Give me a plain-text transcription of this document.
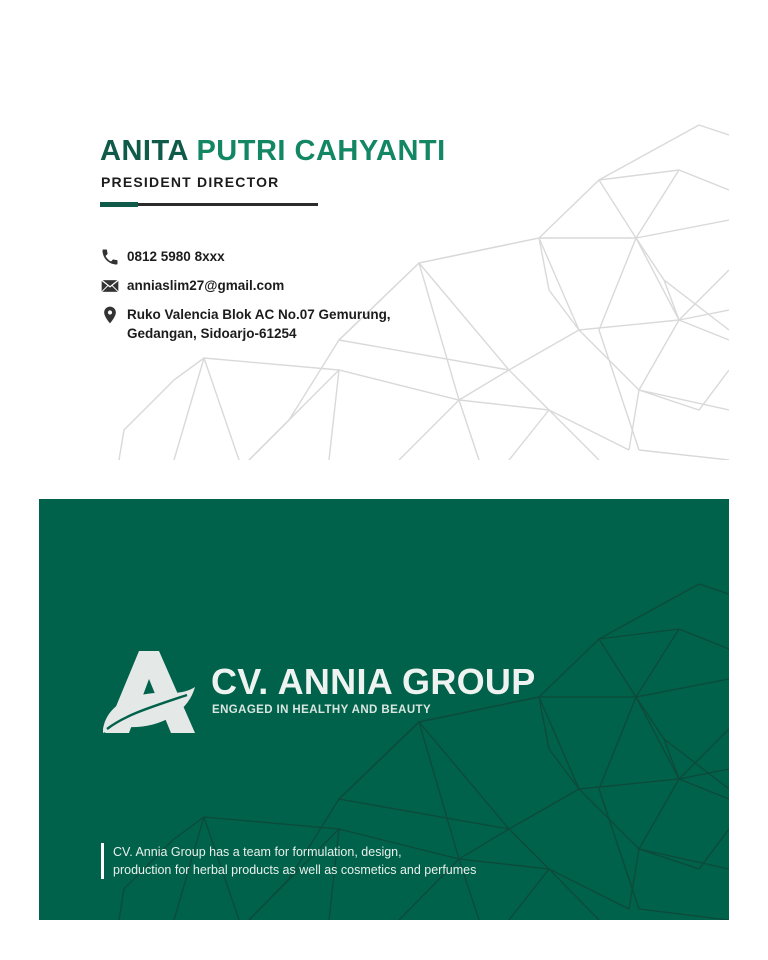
ANITA PUTRI CAHYANTI
PRESIDENT DIRECTOR
0812 5980 8xxx
anniaslim27@gmail.com
Ruko Valencia Blok AC No.07 Gemurung,
Gedangan, Sidoarjo-61254
CV. ANNIA GROUP
ENGAGED IN HEALTHY AND BEAUTY
CV. Annia Group has a team for formulation, design,
production for herbal products as well as cosmetics and perfumes
